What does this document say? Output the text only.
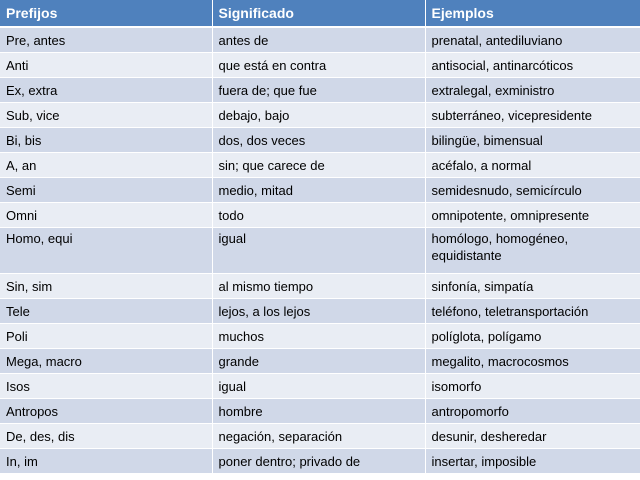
Prefijos	Significado	Ejemplos
Pre, antes	antes de	prenatal, antediluviano
Anti	que está en contra	antisocial, antinarcóticos
Ex, extra	fuera de; que fue	extralegal, exministro
Sub, vice	debajo, bajo	subterráneo, vicepresidente
Bi, bis	dos, dos veces	bilingüe, bimensual
A, an	sin; que carece de	acéfalo, a normal
Semi	medio, mitad	semidesnudo, semicírculo
Omni	todo	omnipotente, omnipresente
Homo, equi	igual	homólogo, homogéneo, equidistante
Sin, sim	al mismo tiempo	sinfonía, simpatía
Tele	lejos, a los lejos	teléfono, teletransportación
Poli	muchos	políglota, polígamo
Mega, macro	grande	megalito, macrocosmos
Isos	igual	isomorfo
Antropos	hombre	antropomorfo
De, des, dis	negación, separación	desunir, desheredar
In, im	poner dentro; privado de	insertar, imposible
